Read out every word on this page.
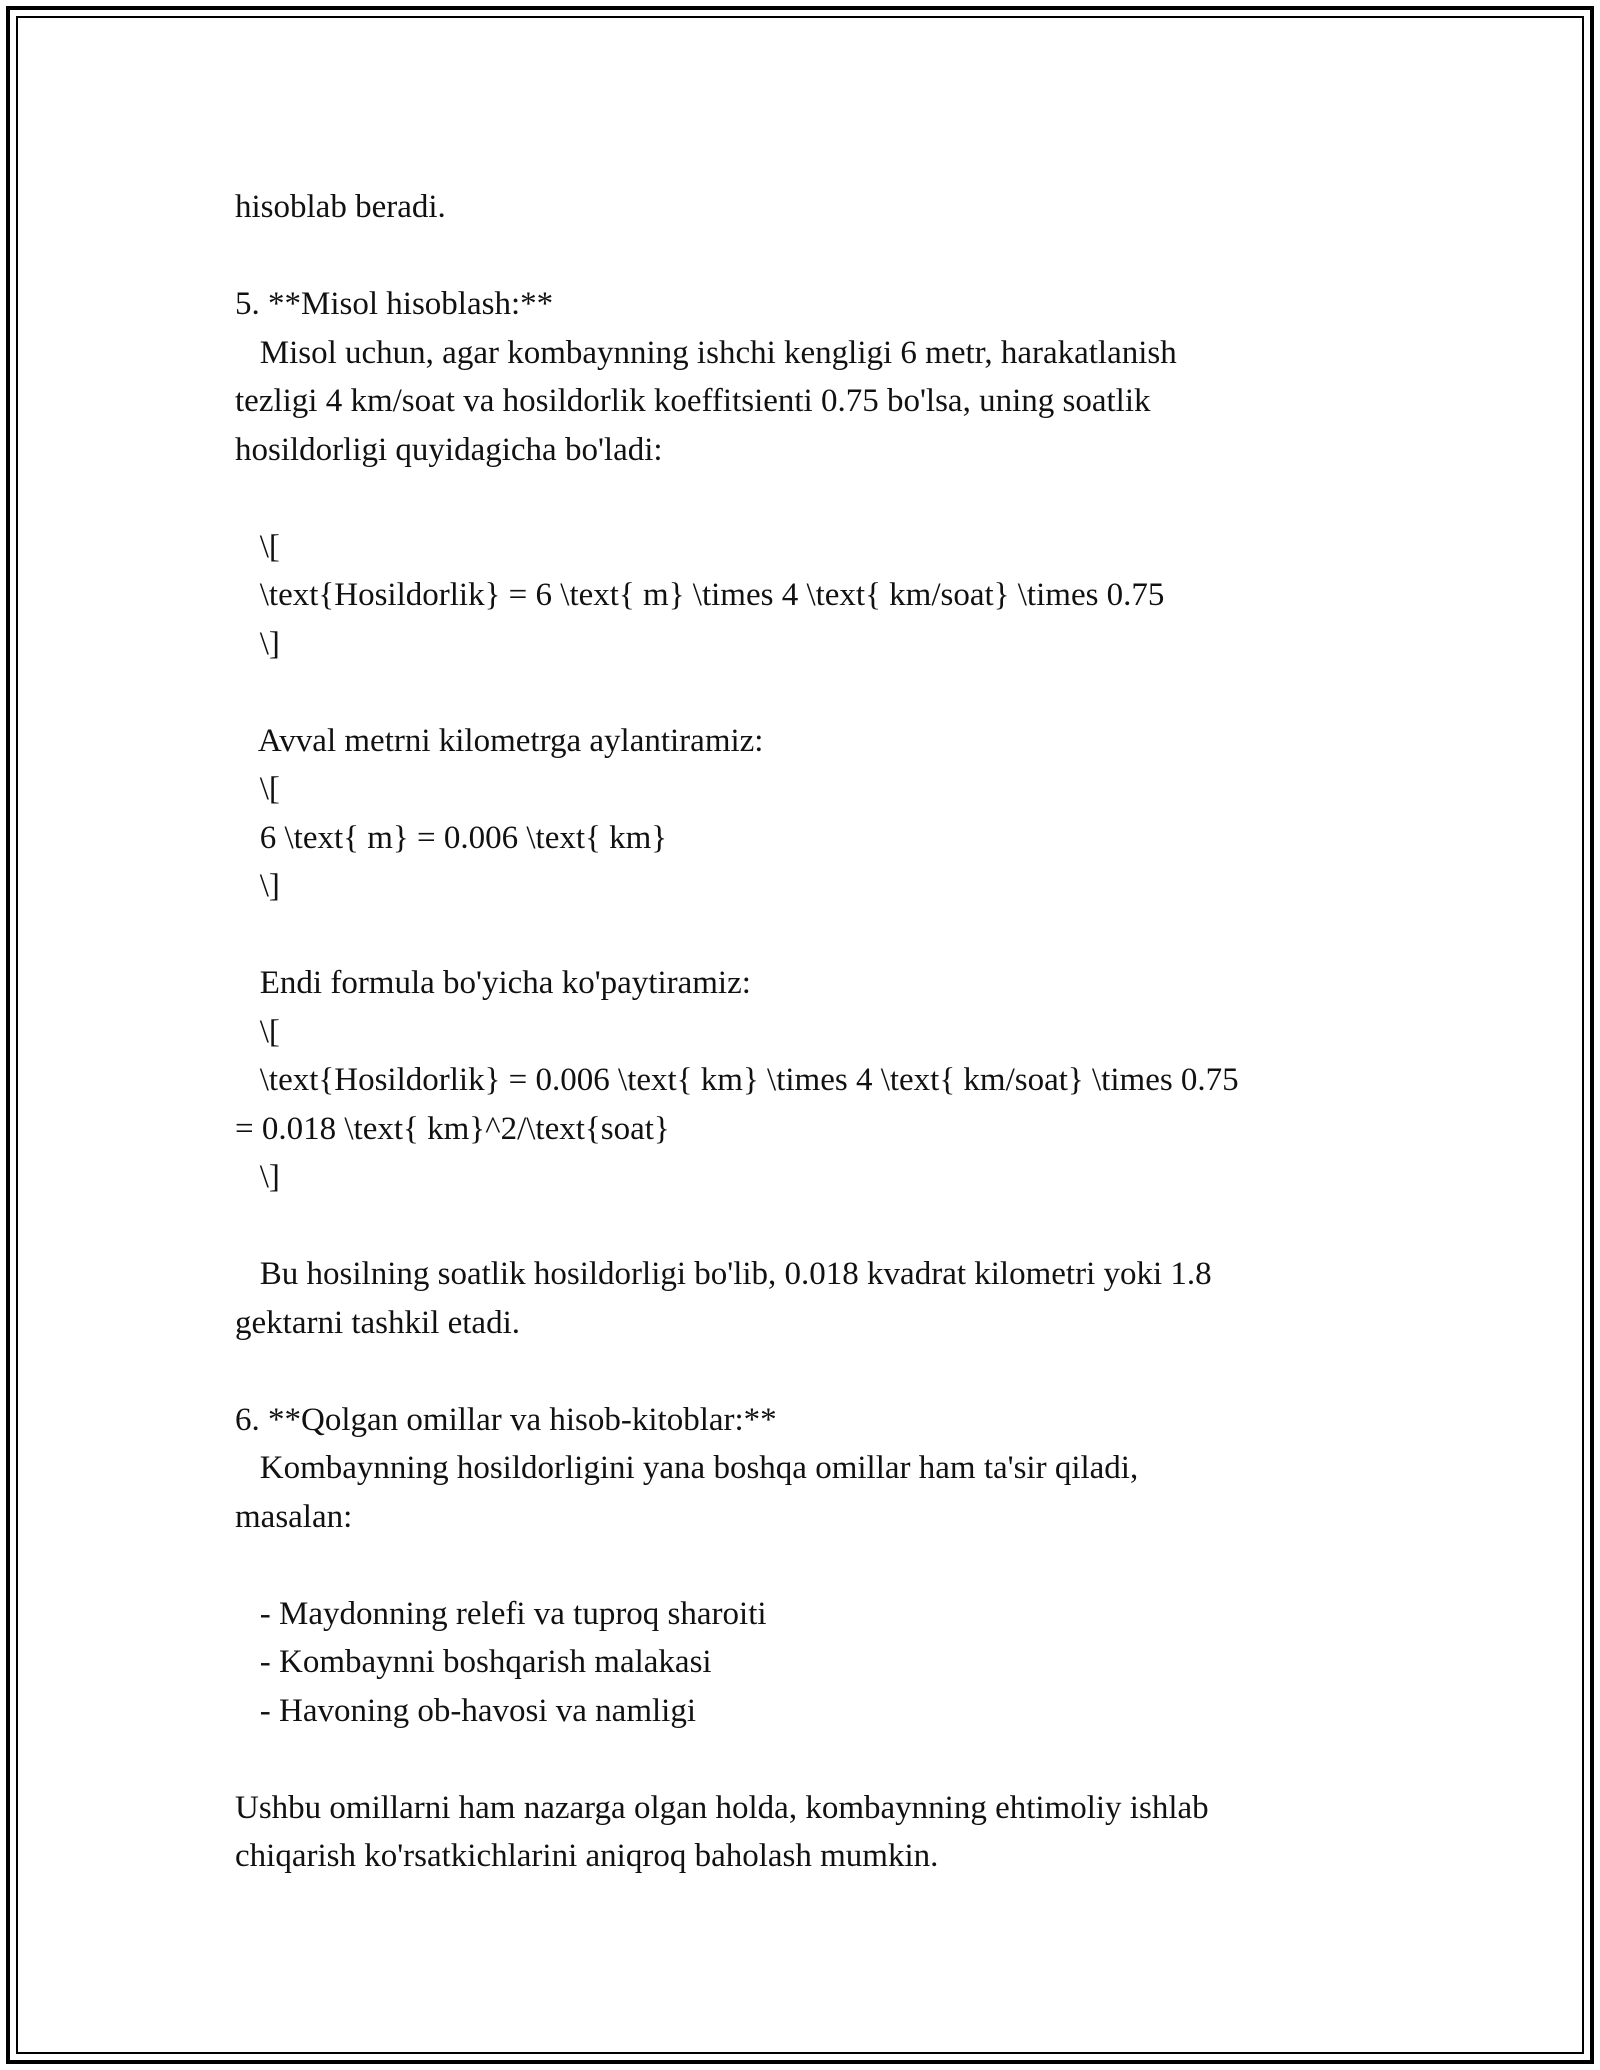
hisoblab beradi.
5. **Misol hisoblash:**
Misol uchun, agar kombaynning ishchi kengligi 6 metr, harakatlanish
tezligi 4 km/soat va hosildorlik koeffitsienti 0.75 bo'lsa, uning soatlik
hosildorligi quyidagicha bo'ladi:
\[
\text{Hosildorlik} = 6 \text{ m} \times 4 \text{ km/soat} \times 0.75
\]
Avval metrni kilometrga aylantiramiz:
\[
6 \text{ m} = 0.006 \text{ km}
\]
Endi formula bo'yicha ko'paytiramiz:
\[
\text{Hosildorlik} = 0.006 \text{ km} \times 4 \text{ km/soat} \times 0.75
= 0.018 \text{ km}^2/\text{soat}
\]
Bu hosilning soatlik hosildorligi bo'lib, 0.018 kvadrat kilometri yoki 1.8
gektarni tashkil etadi.
6. **Qolgan omillar va hisob-kitoblar:**
Kombaynning hosildorligini yana boshqa omillar ham ta'sir qiladi,
masalan:
- Maydonning relefi va tuproq sharoiti
- Kombaynni boshqarish malakasi
- Havoning ob-havosi va namligi
Ushbu omillarni ham nazarga olgan holda, kombaynning ehtimoliy ishlab
chiqarish ko'rsatkichlarini aniqroq baholash mumkin.
